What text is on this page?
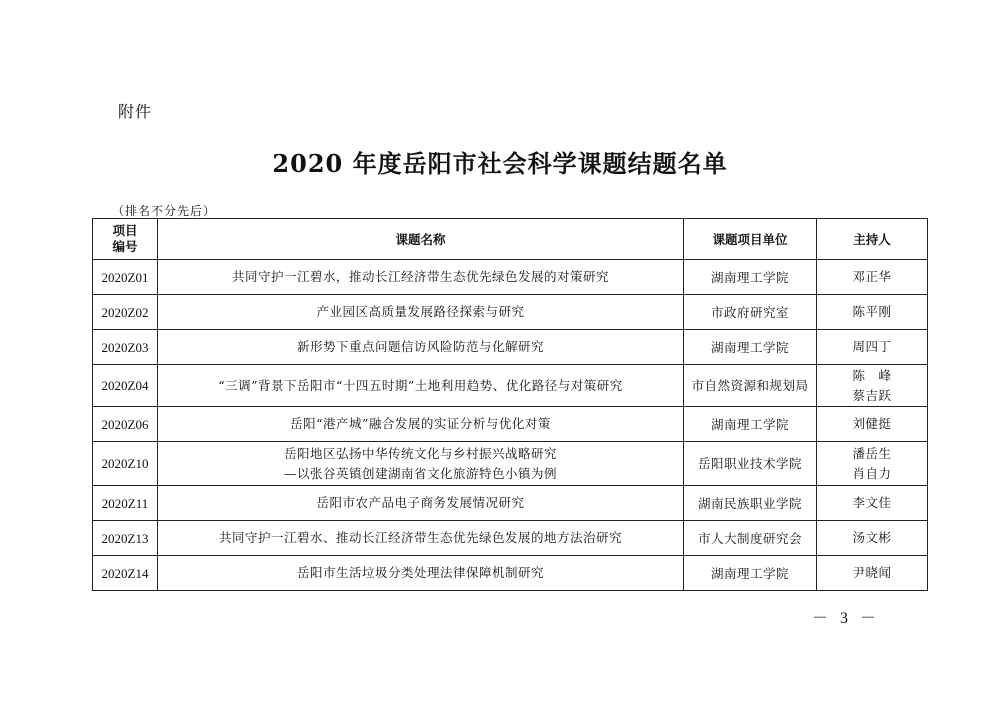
附件
2020 年度岳阳市社会科学课题结题名单
（排名不分先后）
项目
编号	课题名称	课题项目单位	主持人
2020Z01	共同守护一江碧水，推动长江经济带生态优先绿色发展的对策研究	湖南理工学院	邓正华

2020Z02	产业园区高质量发展路径探索与研究	市政府研究室	陈平刚

2020Z03	新形势下重点问题信访风险防范与化解研究	湖南理工学院	周四丁

2020Z04	“三调”背景下岳阳市“十四五时期”土地利用趋势、优化路径与对策研究	市自然资源和规划局	陈　峰
蔡吉跃

2020Z06	岳阳“港产城”融合发展的实证分析与优化对策	湖南理工学院	刘健挺

2020Z10	岳阳地区弘扬中华传统文化与乡村振兴战略研究
—以张谷英镇创建湖南省文化旅游特色小镇为例	岳阳职业技术学院	潘岳生
肖自力

2020Z11	岳阳市农产品电子商务发展情况研究	湖南民族职业学院	李文佳

2020Z13	共同守护一江碧水、推动长江经济带生态优先绿色发展的地方法治研究	市人大制度研究会	汤文彬

2020Z14	岳阳市生活垃圾分类处理法律保障机制研究	湖南理工学院	尹晓闻
－ 3 －
